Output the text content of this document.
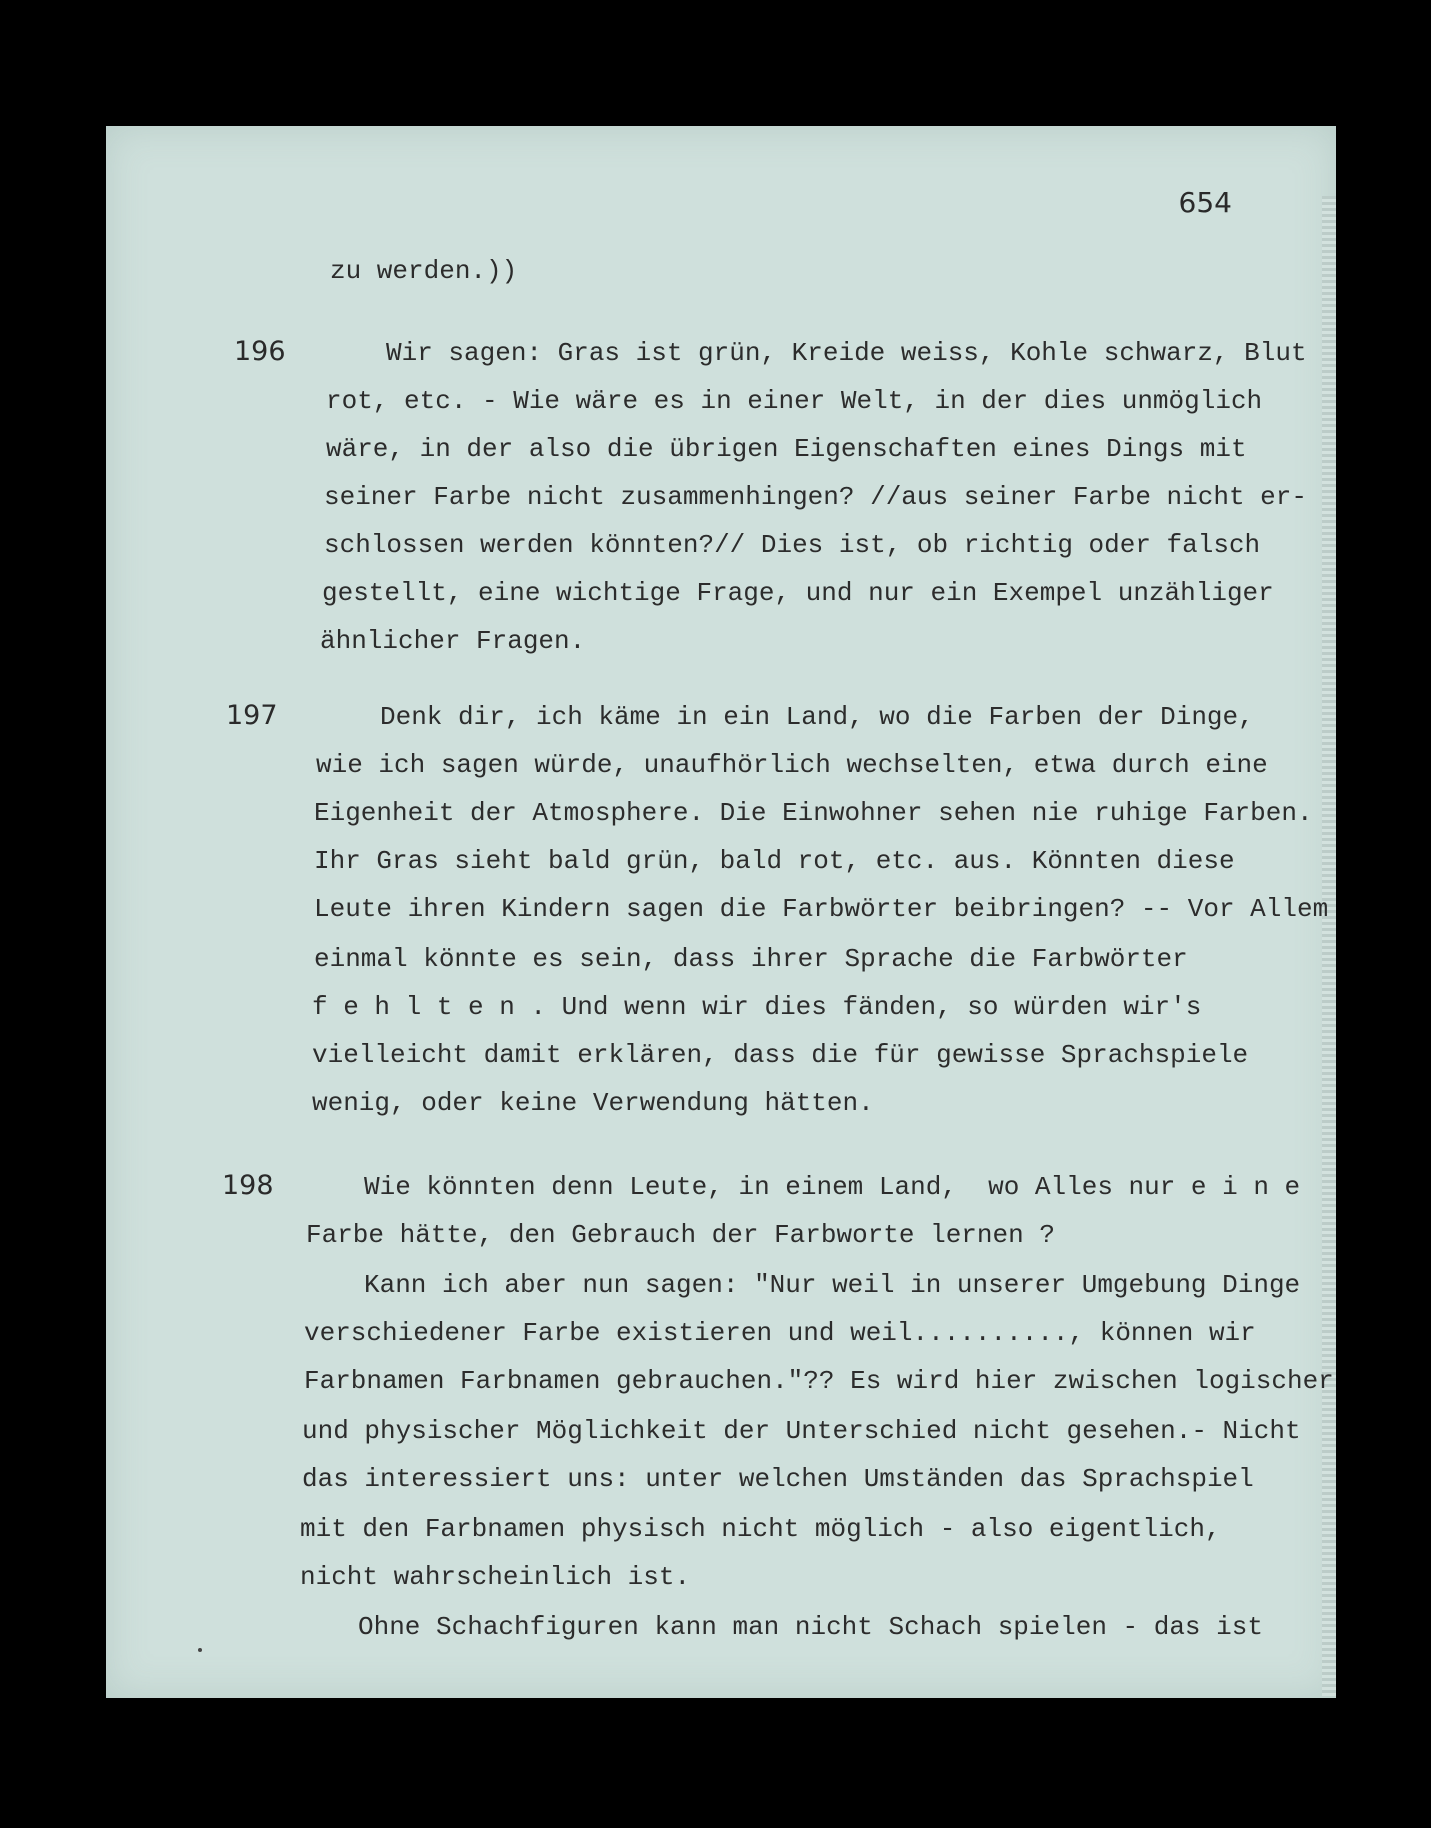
654
zu werden.))
196	Wir sagen: Gras ist grün, Kreide weiss, Kohle schwarz, Blut
rot, etc. - Wie wäre es in einer Welt, in der dies unmöglich
wäre, in der also die übrigen Eigenschaften eines Dings mit
seiner Farbe nicht zusammenhingen? //aus seiner Farbe nicht er-
schlossen werden könnten?// Dies ist, ob richtig oder falsch
gestellt, eine wichtige Frage, und nur ein Exempel unzähliger
ähnlicher Fragen.
197	Denk dir, ich käme in ein Land, wo die Farben der Dinge,
wie ich sagen würde, unaufhörlich wechselten, etwa durch eine
Eigenheit der Atmosphere. Die Einwohner sehen nie ruhige Farben.
Ihr Gras sieht bald grün, bald rot, etc. aus. Könnten diese
Leute ihren Kindern sagen die Farbwörter beibringen? -- Vor Allem
einmal könnte es sein, dass ihrer Sprache die Farbwörter
f e h l t e n . Und wenn wir dies fänden, so würden wir's
vielleicht damit erklären, dass die für gewisse Sprachspiele
wenig, oder keine Verwendung hätten.
198	Wie könnten denn Leute, in einem Land,  wo Alles nur e i n e
Farbe hätte, den Gebrauch der Farbworte lernen ?
Kann ich aber nun sagen: "Nur weil in unserer Umgebung Dinge
verschiedener Farbe existieren und weil.........., können wir
Farbnamen Farbnamen gebrauchen."?? Es wird hier zwischen logischer
und physischer Möglichkeit der Unterschied nicht gesehen.- Nicht
das interessiert uns: unter welchen Umständen das Sprachspiel
mit den Farbnamen physisch nicht möglich - also eigentlich,
nicht wahrscheinlich ist.
Ohne Schachfiguren kann man nicht Schach spielen - das ist
